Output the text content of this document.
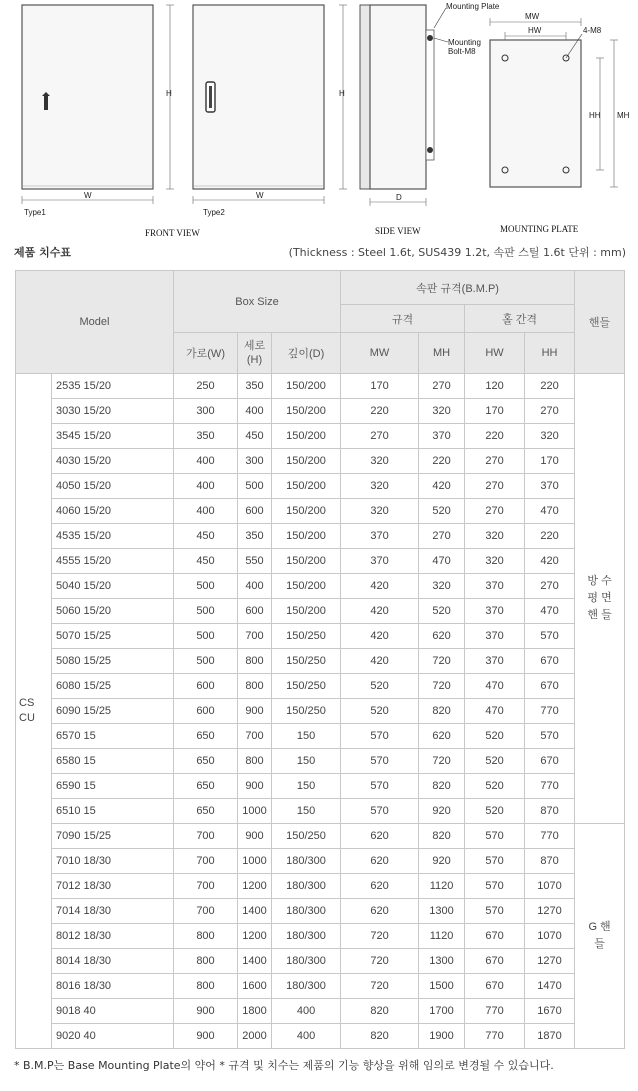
H
W
Type1
H
W
Type2
FRONT VIEW
Mounting Plate
Mounting
Bolt-M8
D
SIDE VIEW
MW
HW	4-M8
MH
HH
MOUNTING PLATE
제품 치수표	(Thickness : Steel 1.6t, SUS439 1.2t, 속판 스틸 1.6t 단위 : mm)
Model		Box Size			속판 규격(B.M.P)				핸들
					규격		홀 간격		
		가로(W)	세로(H)	깊이(D)	MW	MH	HW	HH	
CS
CU	2535 15/20	250	350	150/200	170	270	120	220	방 수
평 면
핸 들
	3030 15/20	300	400	150/200	220	320	170	270	
	3545 15/20	350	450	150/200	270	370	220	320	
	4030 15/20	400	300	150/200	320	220	270	170	
	4050 15/20	400	500	150/200	320	420	270	370	
	4060 15/20	400	600	150/200	320	520	270	470	
	4535 15/20	450	350	150/200	370	270	320	220	
	4555 15/20	450	550	150/200	370	470	320	420	
	5040 15/20	500	400	150/200	420	320	370	270	
	5060 15/20	500	600	150/200	420	520	370	470	
	5070 15/25	500	700	150/250	420	620	370	570	
	5080 15/25	500	800	150/250	420	720	370	670	
	6080 15/25	600	800	150/250	520	720	470	670	
	6090 15/25	600	900	150/250	520	820	470	770	
	6570 15	650	700	150	570	620	520	570	
	6580 15	650	800	150	570	720	520	670	
	6590 15	650	900	150	570	820	520	770	
	6510 15	650	1000	150	570	920	520	870	
	7090 15/25	700	900	150/250	620	820	570	770	G 핸
들
	7010 18/30	700	1000	180/300	620	920	570	870	
	7012 18/30	700	1200	180/300	620	1120	570	1070	
	7014 18/30	700	1400	180/300	620	1300	570	1270	
	8012 18/30	800	1200	180/300	720	1120	670	1070	
	8014 18/30	800	1400	180/300	720	1300	670	1270	
	8016 18/30	800	1600	180/300	720	1500	670	1470	
	9018 40	900	1800	400	820	1700	770	1670	
	9020 40	900	2000	400	820	1900	770	1870	
* B.M.P는 Base Mounting Plate의 약어 * 규격 및 치수는 제품의 기능 향상을 위해 임의로 변경될 수 있습니다.
